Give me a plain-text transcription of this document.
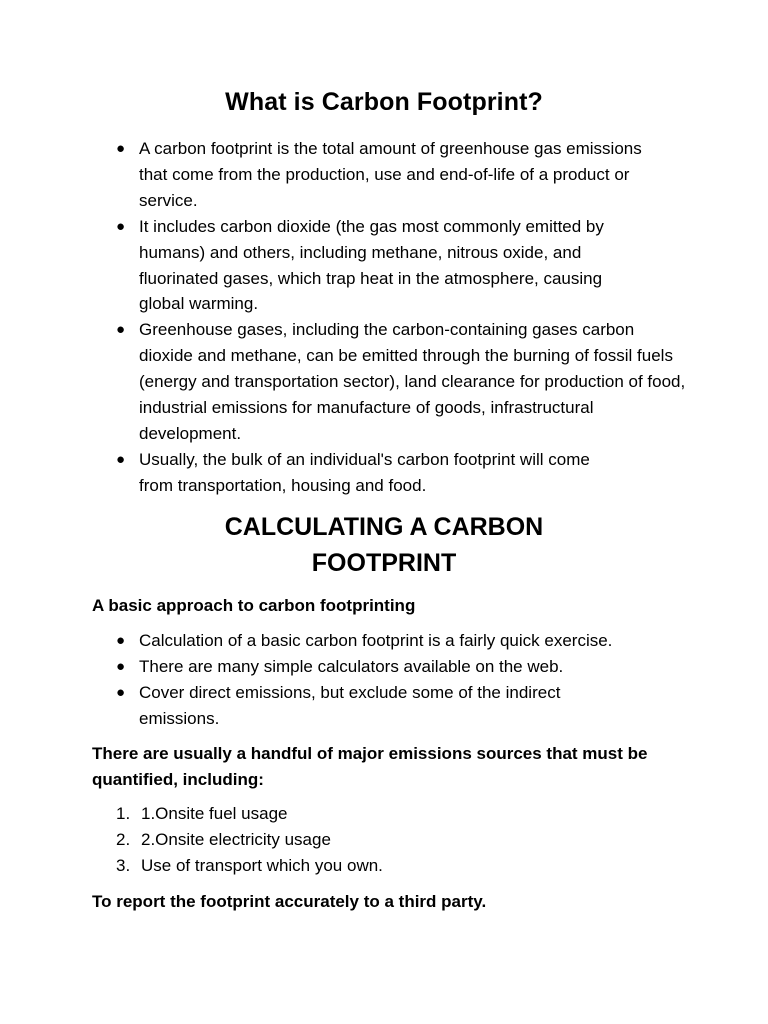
What is Carbon Footprint?
● A carbon footprint is the total amount of greenhouse gas emissions that come from the production, use and end-of-life of a product or service.
● It includes carbon dioxide (the gas most commonly emitted by humans) and others, including methane, nitrous oxide, and fluorinated gases, which trap heat in the atmosphere, causing global warming.
● Greenhouse gases, including the carbon-containing gases carbon dioxide and methane, can be emitted through the burning of fossil fuels (energy and transportation sector), land clearance for production of food, industrial emissions for manufacture of goods, infrastructural development.
● Usually, the bulk of an individual's carbon footprint will come from transportation, housing and food.
CALCULATING A CARBON FOOTPRINT
A basic approach to carbon footprinting
● Calculation of a basic carbon footprint is a fairly quick exercise.
● There are many simple calculators available on the web.
● Cover direct emissions, but exclude some of the indirect emissions.
There are usually a handful of major emissions sources that must be quantified, including:
1. 1.Onsite fuel usage
2. 2.Onsite electricity usage
3. Use of transport which you own.
To report the footprint accurately to a third party.
